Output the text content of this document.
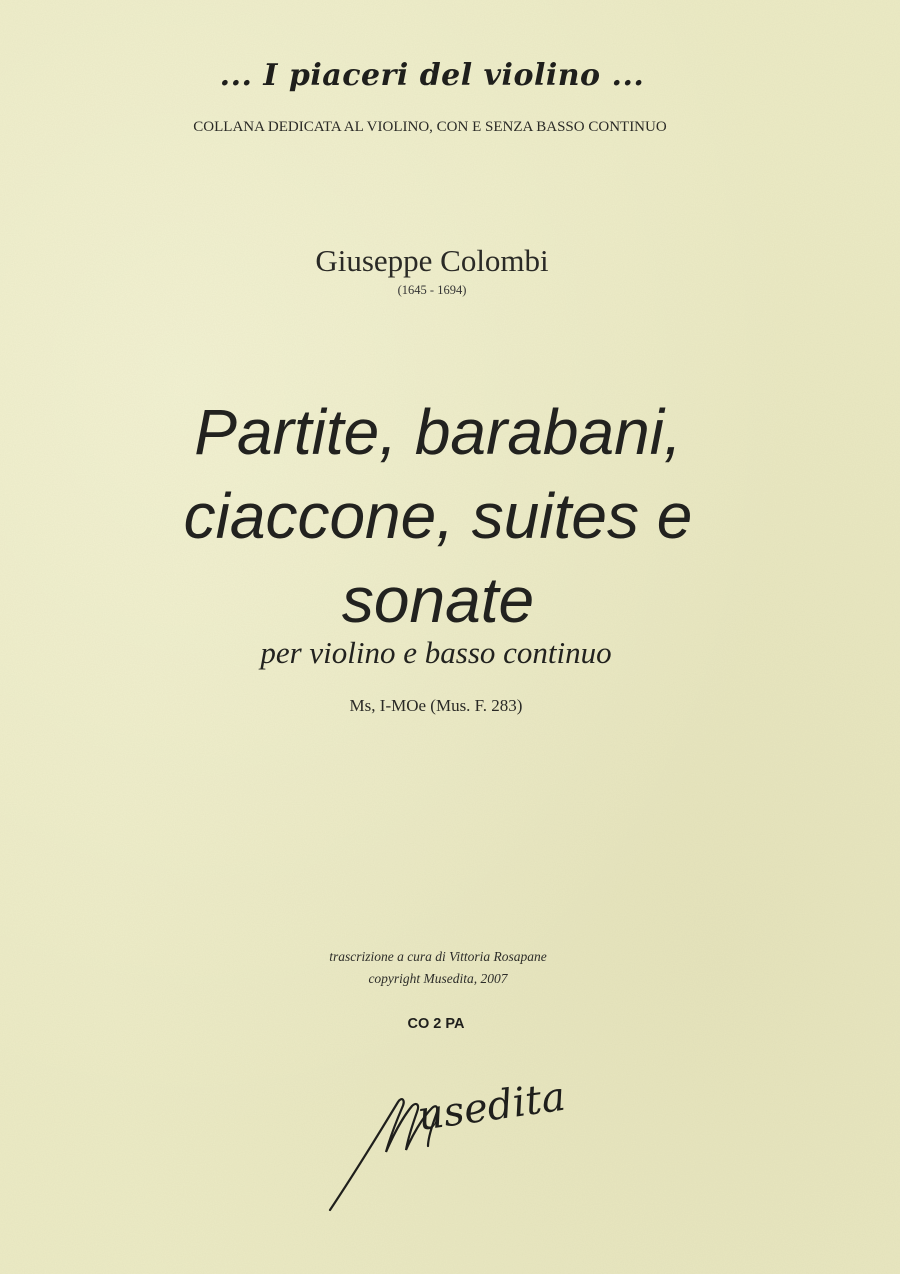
... I piaceri del violino ...
COLLANA DEDICATA AL VIOLINO, CON E SENZA BASSO CONTINUO
Giuseppe Colombi
(1645 - 1694)
Partite, barabani,
ciaccone, suites e
sonate
per violino e basso continuo
Ms, I-MOe (Mus. F. 283)
trascrizione a cura di Vittoria Rosapane
copyright Musedita, 2007
CO 2 PA
usedita
